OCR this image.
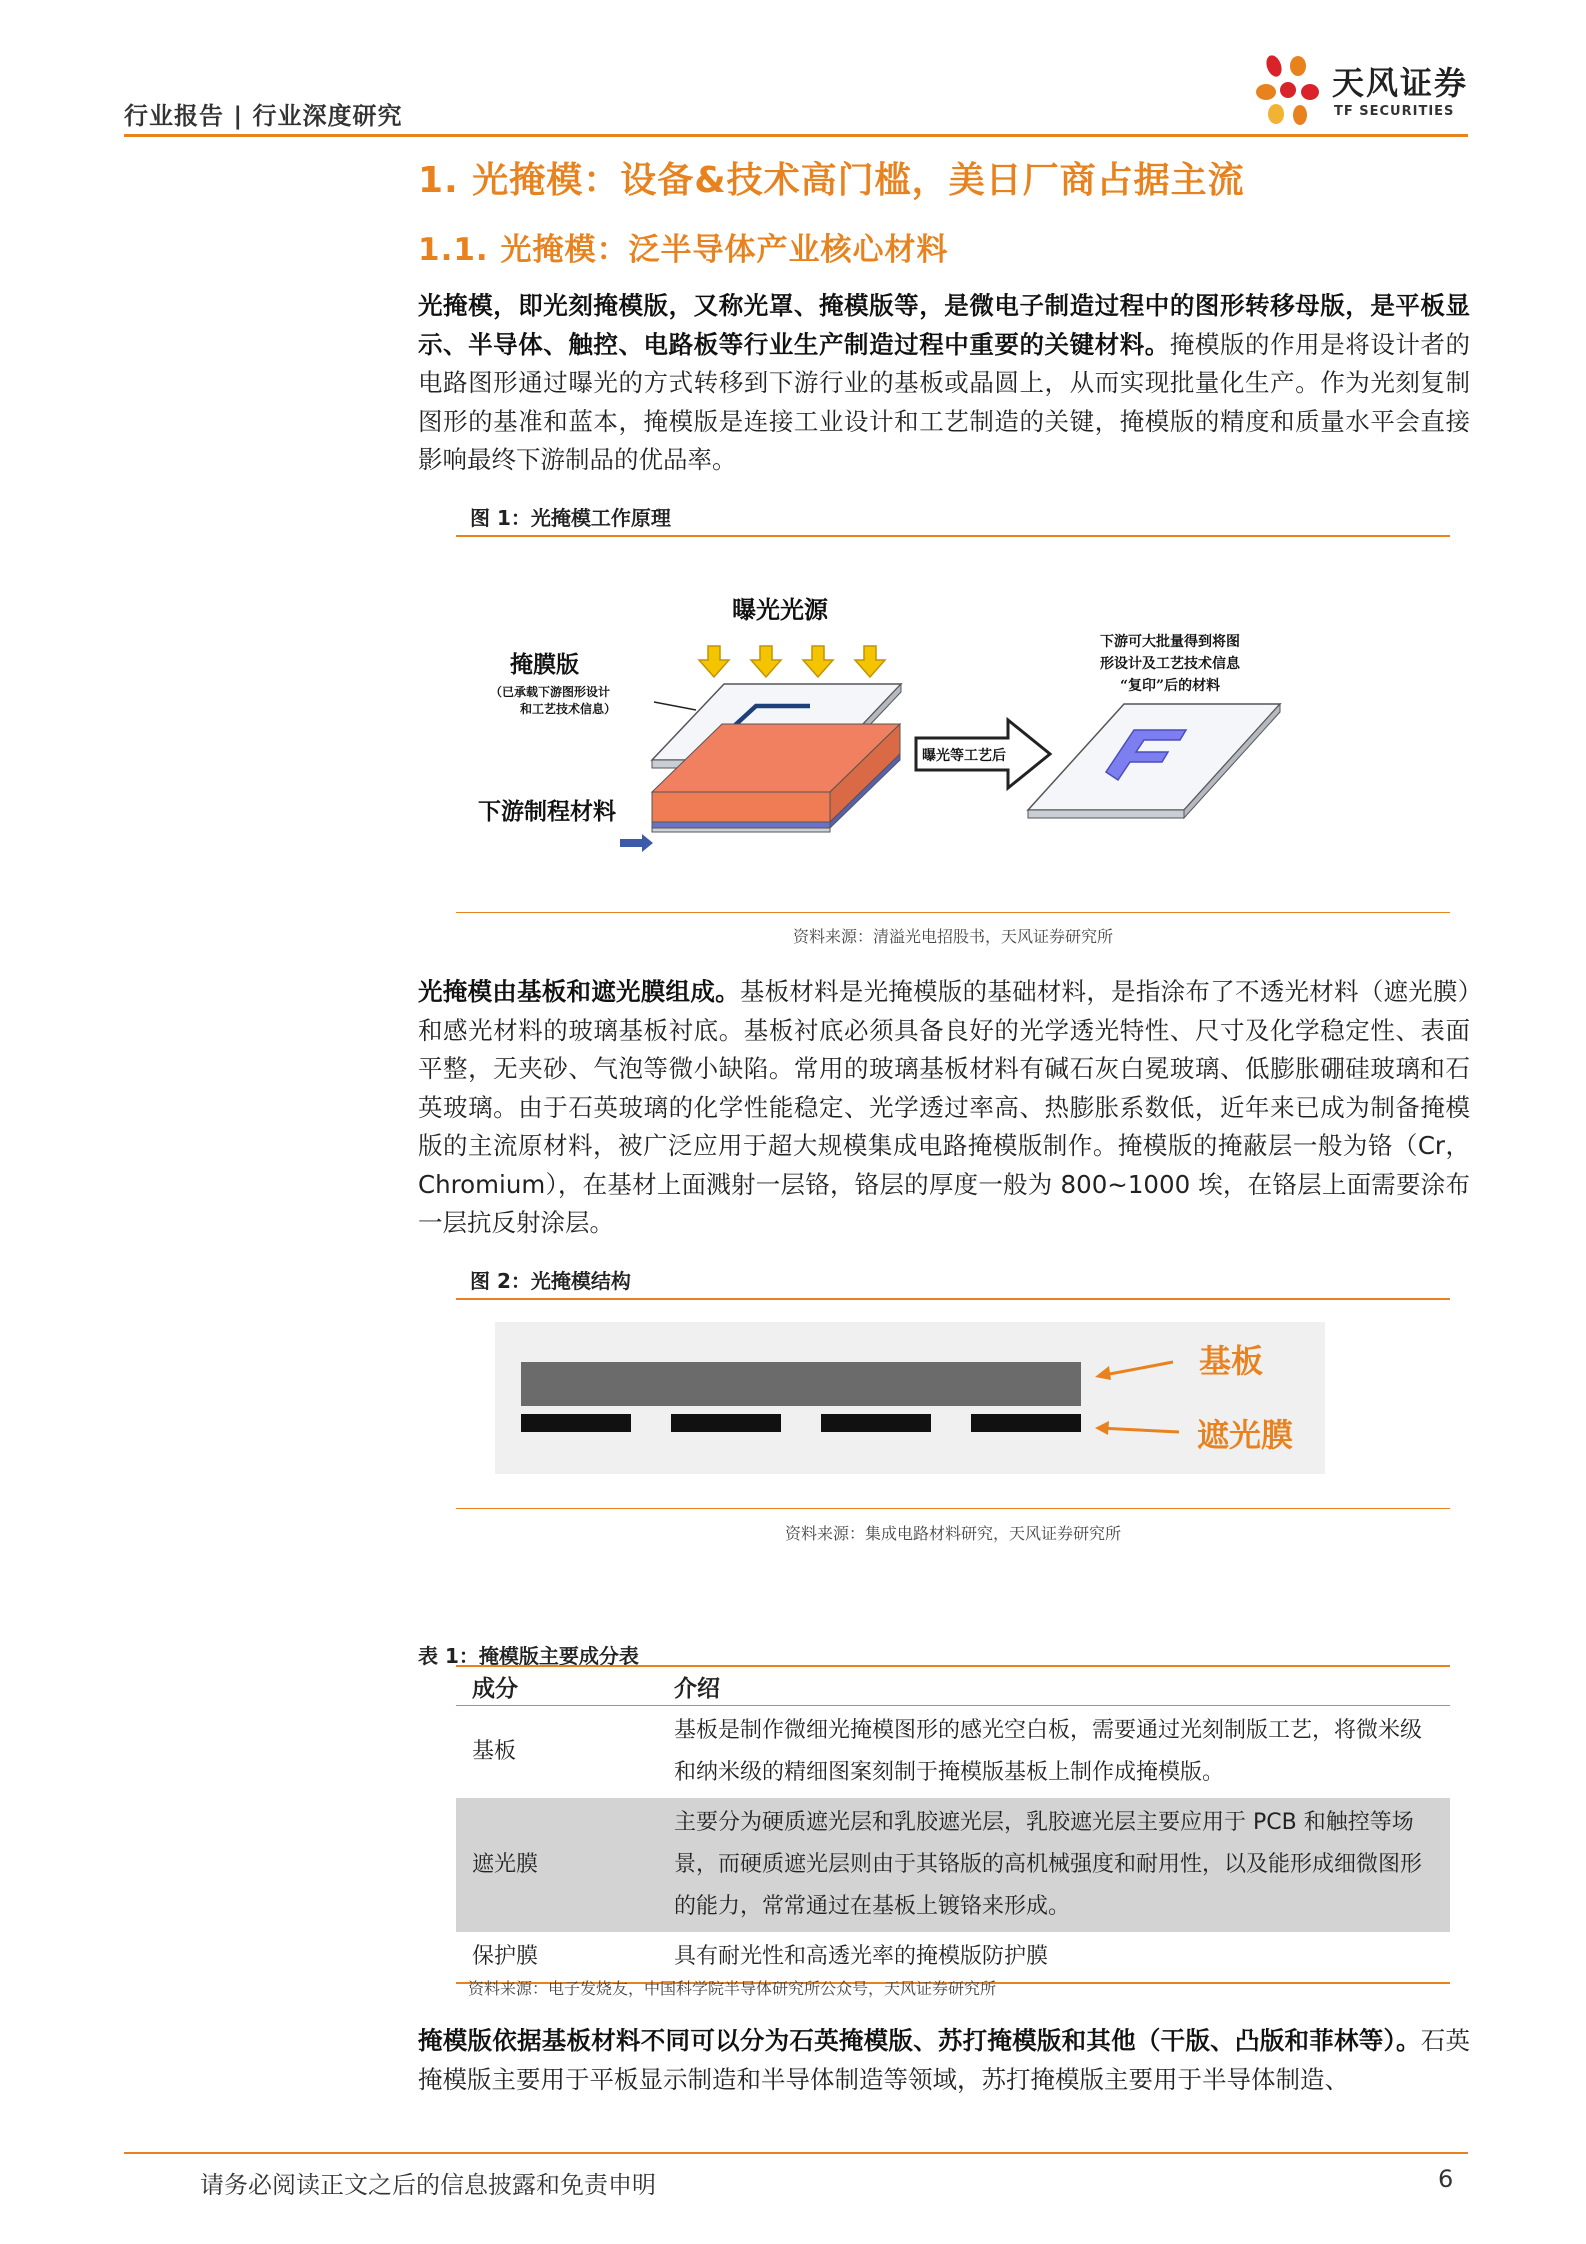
行业报告 | 行业深度研究
天风证券
TF SECURITIES
1. 光掩模：设备&技术高门槛，美日厂商占据主流
1.1. 光掩模：泛半导体产业核心材料
光掩模，即光刻掩模版，又称光罩、掩模版等，是微电子制造过程中的图形转移母版，是平板显示、半导体、触控、电路板等行业生产制造过程中重要的关键材料。掩模版的作用是将设计者的电路图形通过曝光的方式转移到下游行业的基板或晶圆上，从而实现批量化生产。作为光刻复制图形的基准和蓝本，掩模版是连接工业设计和工艺制造的关键，掩模版的精度和质量水平会直接影响最终下游制品的优品率。
图 1：光掩模工作原理
曝光光源
掩膜版
（已承载下游图形设计
和工艺技术信息）
下游制程材料
曝光等工艺后
下游可大批量得到将图
形设计及工艺技术信息
“复印”后的材料
资料来源：清溢光电招股书，天风证券研究所
光掩模由基板和遮光膜组成。基板材料是光掩模版的基础材料，是指涂布了不透光材料（遮光膜）和感光材料的玻璃基板衬底。基板衬底必须具备良好的光学透光特性、尺寸及化学稳定性、表面平整，无夹砂、气泡等微小缺陷。常用的玻璃基板材料有碱石灰白冕玻璃、低膨胀硼硅玻璃和石英玻璃。由于石英玻璃的化学性能稳定、光学透过率高、热膨胀系数低，近年来已成为制备掩模版的主流原材料，被广泛应用于超大规模集成电路掩模版制作。掩模版的掩蔽层一般为铬（Cr，Chromium），在基材上面溅射一层铬，铬层的厚度一般为 800~1000 埃，在铬层上面需要涂布一层抗反射涂层。
图 2：光掩模结构
基板
遮光膜
资料来源：集成电路材料研究，天风证券研究所
表 1：掩模版主要成分表
成分	介绍
基板	基板是制作微细光掩模图形的感光空白板，需要通过光刻制版工艺，将微米级和纳米级的精细图案刻制于掩模版基板上制作成掩模版。
遮光膜	主要分为硬质遮光层和乳胶遮光层，乳胶遮光层主要应用于 PCB 和触控等场景，而硬质遮光层则由于其铬版的高机械强度和耐用性，以及能形成细微图形的能力，常常通过在基板上镀铬来形成。
保护膜	具有耐光性和高透光率的掩模版防护膜
资料来源：电子发烧友，中国科学院半导体研究所公众号，天风证券研究所
掩模版依据基板材料不同可以分为石英掩模版、苏打掩模版和其他（干版、凸版和菲林等）。石英掩模版主要用于平板显示制造和半导体制造等领域，苏打掩模版主要用于半导体制造、
请务必阅读正文之后的信息披露和免责申明	6
